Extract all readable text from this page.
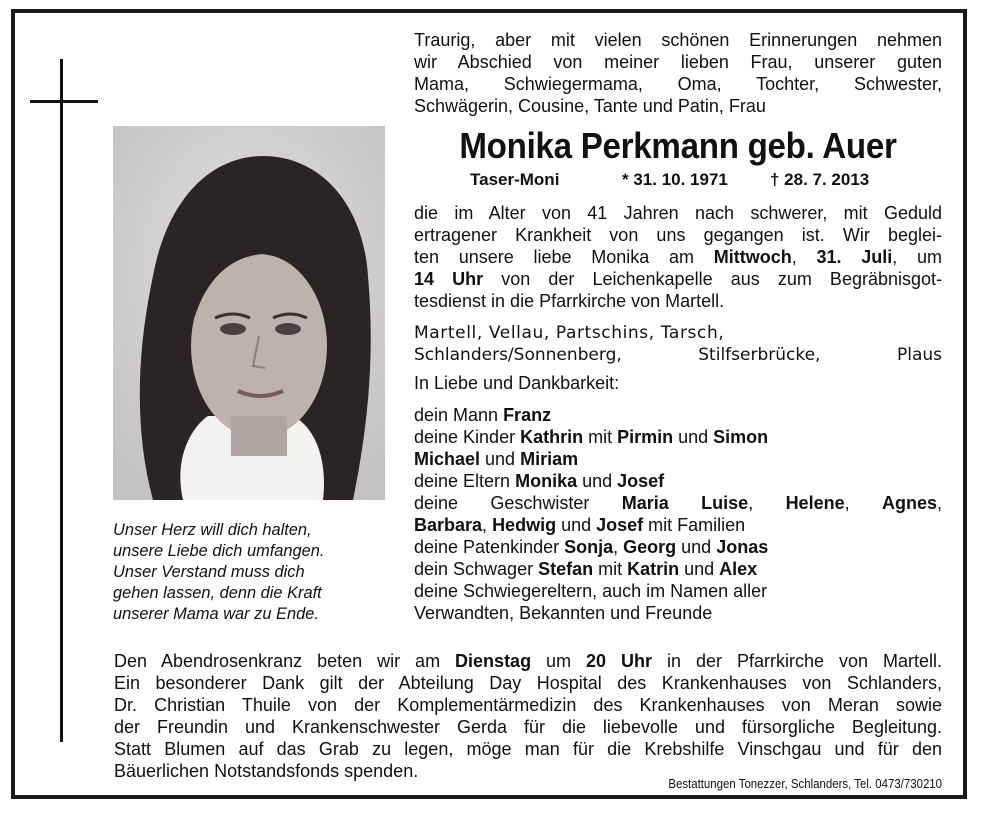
Unser Herz will dich halten,
unsere Liebe dich umfangen.
Unser Verstand muss dich
gehen lassen, denn die Kraft
unserer Mama war zu Ende.
Traurig, aber mit vielen schönen Erinnerungen nehmen
wir Abschied von meiner lieben Frau, unserer guten
Mama, Schwiegermama, Oma, Tochter, Schwester,
Schwägerin, Cousine, Tante und Patin, Frau
Monika Perkmann geb. Auer
Taser-Moni	* 31. 10. 1971 † 28. 7. 2013
die im Alter von 41 Jahren nach schwerer, mit Geduld
ertragener Krankheit von uns gegangen ist. Wir beglei-
ten unsere liebe Monika am Mittwoch, 31. Juli, um
14 Uhr von der Leichenkapelle aus zum Begräbnisgot-
tesdienst in die Pfarrkirche von Martell.
Martell, Vellau, Partschins, Tarsch,
Schlanders/Sonnenberg, Stilfserbrücke, Plaus
In Liebe und Dankbarkeit:
dein Mann Franz
deine Kinder Kathrin mit Pirmin und Simon
Michael und Miriam
deine Eltern Monika und Josef
deine Geschwister Maria Luise, Helene, Agnes,
Barbara, Hedwig und Josef mit Familien
deine Patenkinder Sonja, Georg und Jonas
dein Schwager Stefan mit Katrin und Alex
deine Schwiegereltern, auch im Namen aller
Verwandten, Bekannten und Freunde
Den Abendrosenkranz beten wir am Dienstag um 20 Uhr in der Pfarrkirche von Martell.
Ein besonderer Dank gilt der Abteilung Day Hospital des Krankenhauses von Schlanders,
Dr. Christian Thuile von der Komplementärmedizin des Krankenhauses von Meran sowie
der Freundin und Krankenschwester Gerda für die liebevolle und fürsorgliche Begleitung.
Statt Blumen auf das Grab zu legen, möge man für die Krebshilfe Vinschgau und für den
Bäuerlichen Notstandsfonds spenden.
Bestattungen Tonezzer, Schlanders, Tel. 0473/730210
